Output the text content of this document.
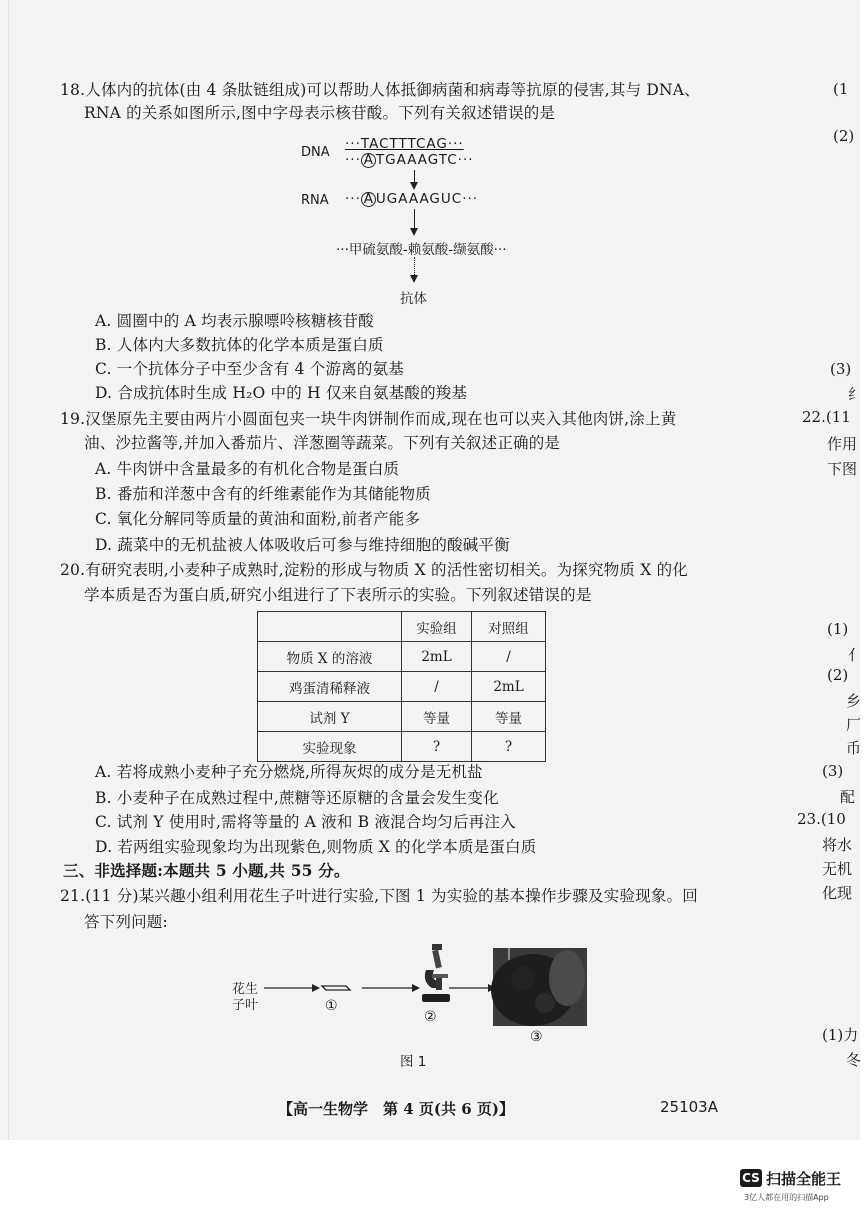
18.人体内的抗体(由 4 条肽链组成)可以帮助人体抵御病菌和病毒等抗原的侵害,其与 DNA、
RNA 的关系如图所示,图中字母表示核苷酸。下列有关叙述错误的是
DNA
···TACTTTCAG···
··· A TGAAAGTC···
RNA ··· A UGAAAGUC···
···甲硫氨酸-赖氨酸-缬氨酸···
抗体
A. 圆圈中的 A 均表示腺嘌呤核糖核苷酸
B. 人体内大多数抗体的化学本质是蛋白质
C. 一个抗体分子中至少含有 4 个游离的氨基
D. 合成抗体时生成 H₂O 中的 H 仅来自氨基酸的羧基
19.汉堡原先主要由两片小圆面包夹一块牛肉饼制作而成,现在也可以夹入其他肉饼,涂上黄
油、沙拉酱等,并加入番茄片、洋葱圈等蔬菜。下列有关叙述正确的是
A. 牛肉饼中含量最多的有机化合物是蛋白质
B. 番茄和洋葱中含有的纤维素能作为其储能物质
C. 氧化分解同等质量的黄油和面粉,前者产能多
D. 蔬菜中的无机盐被人体吸收后可参与维持细胞的酸碱平衡
20.有研究表明,小麦种子成熟时,淀粉的形成与物质 X 的活性密切相关。为探究物质 X 的化
学本质是否为蛋白质,研究小组进行了下表所示的实验。下列叙述错误的是
	实验组	对照组
物质 X 的溶液	2mL	/
鸡蛋清稀释液	/	2mL
试剂 Y	等量	等量
实验现象	?	?
A. 若将成熟小麦种子充分燃烧,所得灰烬的成分是无机盐
B. 小麦种子在成熟过程中,蔗糖等还原糖的含量会发生变化
C. 试剂 Y 使用时,需将等量的 A 液和 B 液混合均匀后再注入
D. 若两组实验现象均为出现紫色,则物质 X 的化学本质是蛋白质
三、非选择题:本题共 5 小题,共 55 分。
21.(11 分)某兴趣小组利用花生子叶进行实验,下图 1 为实验的基本操作步骤及实验现象。回
答下列问题:
花生
子叶	①
②
③
图 1
(1
(2)
(3)
纟
22.(11
作用
下图
(1)
亻
(2)
乡
厂
币
(3)
配
23.(10
将水
无机
化现
(1)力
冬
【高一生物学　第 4 页(共 6 页)】	25103A
CS 扫描全能王
3亿人都在用的扫描App
